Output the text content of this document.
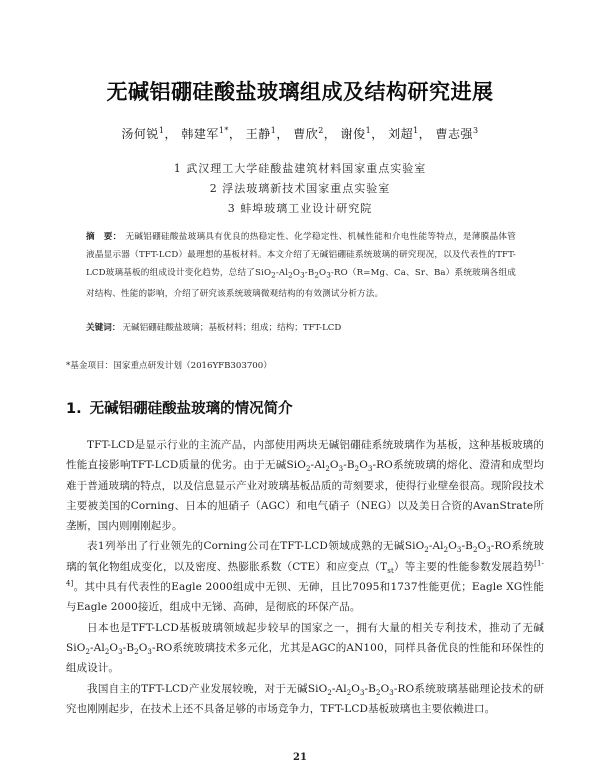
无碱铝硼硅酸盐玻璃组成及结构研究进展
汤何锐$^1$， 韩建军$^{1*}$， 王静$^1$， 曹欣$^2$， 谢俊$^1$， 刘超$^1$， 曹志强$^3$
1 武汉理工大学硅酸盐建筑材料国家重点实验室
2 浮法玻璃新技术国家重点实验室
3 蚌埠玻璃工业设计研究院
摘　要： 无碱铝硼硅酸盐玻璃具有优良的热稳定性、化学稳定性、机械性能和介电性能等特点，是薄膜晶体管液晶显示器（TFT-LCD）最理想的基板材料。本文介绍了无碱铝硼硅系统玻璃的研究现况，以及代表性的TFT-LCD玻璃基板的组成设计变化趋势，总结了$SiO_2-Al_2O_3-B_2O_3-RO(R=Mg$、Ca、Sr、Ba）系统玻璃各组成对结构、性能的影响，介绍了研究该系统玻璃微观结构的有效测试分析方法。
关键词： 无碱铝硼硅酸盐玻璃；基板材料；组成；结构；TFT-LCD
*基金项目：国家重点研发计划（2016YFB303700）
1. 无碱铝硼硅酸盐玻璃的情况简介

TFT-LCD是显示行业的主流产品，内部使用两块无碱铝硼硅系统玻璃作为基板，这种基板玻璃的性能直接影响TFT-LCD质量的优劣。由于无碱$SiO_2-Al_2O_3-B_2O_3-RO$系统玻璃的熔化、澄清和成型均难于普通玻璃的特点，以及信息显示产业对玻璃基板品质的苛刻要求，使得行业壁垒很高。现阶段技术主要被美国的Corning、日本的旭硝子（AGC）和电气硝子（NEG）以及美日合资的AvanStrate所垄断，国内则刚刚起步。

表1列举出了行业领先的Corning公司在TFT-LCD领域成熟的无碱$SiO_2-Al_2O_3-B_2O_3-RO$系统玻璃的氧化物组成变化，以及密度、热膨胀系数（CTE）和应变点$(T_{st})$等主要的性能参数发展趋势[1-4]。其中具有代表性的Eagle 2000组成中无钡、无砷，且比7095和1737性能更优；Eagle XG性能与Eagle 2000接近，组成中无锑、高砷，是彻底的环保产品。

日本也是TFT-LCD基板玻璃领域起步较早的国家之一，拥有大量的相关专利技术，推动了无碱$SiO_2-Al_2O_3-B_2O_3-RO$系统玻璃技术多元化，尤其是AGC的AN100，同样具备优良的性能和环保性的组成设计。

我国自主的TFT-LCD产业发展较晚，对于无碱$SiO_2-Al_2O_3-B_2O_3-RO$系统玻璃基础理论技术的研究也刚刚起步，在技术上还不具备足够的市场竞争力，TFT-LCD基板玻璃也主要依赖进口。

21
